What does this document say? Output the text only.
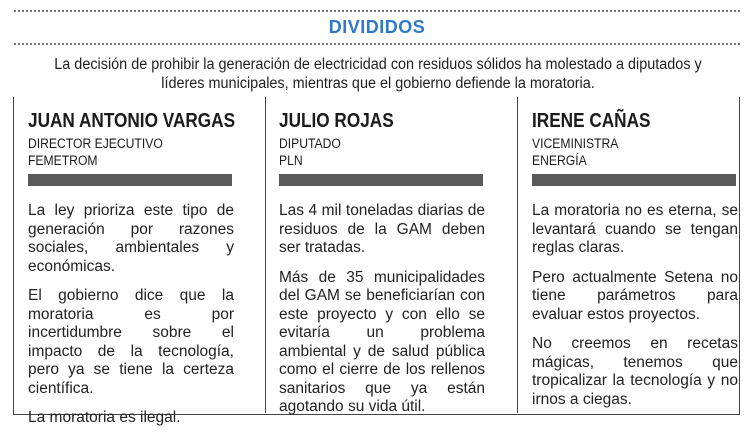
DIVIDIDOS
La decisión de prohibir la generación de electricidad con residuos sólidos ha molestado a diputados y líderes municipales, mientras que el gobierno defiende la moratoria.
JUAN ANTONIO VARGAS
DIRECTOR EJECUTIVO
FEMETROM

La ley prioriza este tipo de generación por razones sociales, ambientales y económicas.

El gobierno dice que la moratoria es por incertidumbre sobre el impacto de la tecnología, pero ya se tiene la certeza científica.

La moratoria es ilegal.

JULIO ROJAS
DIPUTADO
PLN

Las 4 mil toneladas diarias de residuos de la GAM deben ser tratadas.

Más de 35 municipalidades del GAM se beneficiarían con este proyecto y con ello se evitaría un problema ambiental y de salud pública como el cierre de los rellenos sanitarios que ya están agotando su vida útil.

IRENE CAÑAS
VICEMINISTRA
ENERGÍA

La moratoria no es eterna, se levantará cuando se tengan reglas claras.

Pero actualmente Setena no tiene parámetros para evaluar estos proyectos.

No creemos en recetas mágicas, tenemos que tropicalizar la tecnología y no irnos a ciegas.
